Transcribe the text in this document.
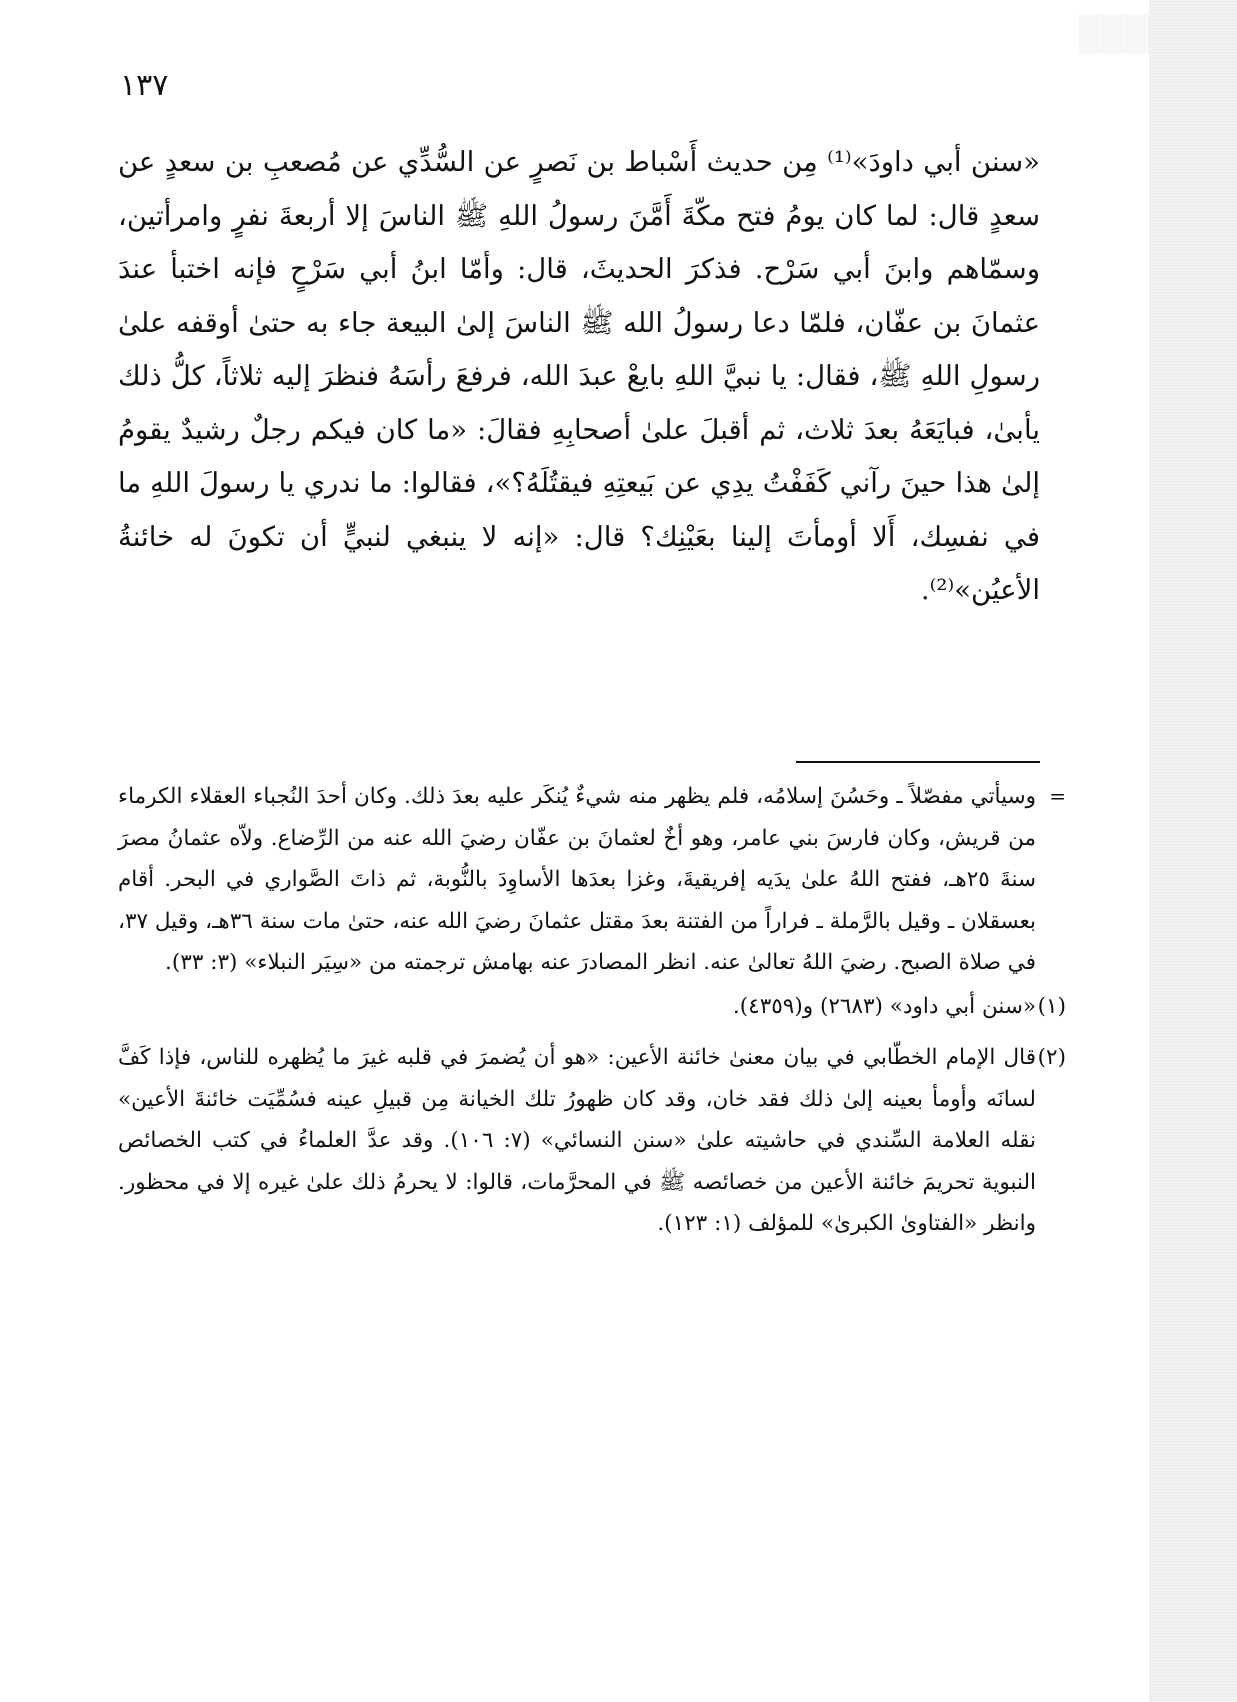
١٣٧

«سنن أبي داودَ»⁽¹⁾ مِن حديث أَسْباط بن نَصرٍ عن السُّدِّي عن مُصعبِ بن سعدٍ عن سعدٍ قال: لما كان يومُ فتح مكّةَ أَمَّنَ رسولُ اللهِ ﷺ الناسَ إلا أربعةَ نفرٍ وامرأتين، وسمّاهم وابنَ أبي سَرْح. فذكرَ الحديثَ، قال: وأمّا ابنُ أبي سَرْحٍ فإنه اختبأ عندَ عثمانَ بن عفّان، فلمّا دعا رسولُ الله ﷺ الناسَ إلىٰ البيعة جاء به حتىٰ أوقفه علىٰ رسولِ اللهِ ﷺ، فقال: يا نبيَّ اللهِ بايعْ عبدَ الله، فرفعَ رأسَهُ فنظرَ إليه ثلاثاً، كلُّ ذلك يأبىٰ، فبايَعَهُ بعدَ ثلاث، ثم أقبلَ علىٰ أصحابِهِ فقالَ: «ما كان فيكم رجلٌ رشيدٌ يقومُ إلىٰ هذا حينَ رآني كَفَفْتُ يدِي عن بَيعتِهِ فيقتُلَهُ؟»، فقالوا: ما ندري يا رسولَ اللهِ ما في نفسِك، أَلا أومأتَ إلينا بعَيْنِك؟ قال: «إنه لا ينبغي لنبيٍّ أن تكونَ له خائنةُ الأعيُن»⁽²⁾.

=
وسيأتي مفصّلاً ـ وحَسُنَ إسلامُه، فلم يظهر منه شيءٌ يُنكَر عليه بعدَ ذلك. وكان أحدَ النُجباء العقلاء الكرماء من قريش، وكان فارسَ بني عامر، وهو أخٌ لعثمانَ بن عفّان رضيَ الله عنه من الرِّضاع. ولاّه عثمانُ مصرَ سنةَ ٢٥هـ، ففتح اللهُ علىٰ يدَيه إفريقيةَ، وغزا بعدَها الأساوِدَ بالنُّوبة، ثم ذاتَ الصَّواري في البحر. أقام بعسقلان ـ وقيل بالرَّملة ـ فراراً من الفتنة بعدَ مقتل عثمانَ رضيَ الله عنه، حتىٰ مات سنة ٣٦هـ، وقيل ٣٧، في صلاة الصبح. رضيَ اللهُ تعالىٰ عنه. انظر المصادرَ عنه بهامش ترجمته من «سِيَر النبلاء» (٣: ٣٣).
(١)
«سنن أبي داود» (٢٦٨٣) و(٤٣٥٩).
(٢)
قال الإمام الخطّابي في بيان معنىٰ خائنة الأعين: «هو أن يُضمرَ في قلبه غيرَ ما يُظهره للناس، فإذا كَفَّ لسانَه وأومأ بعينه إلىٰ ذلك فقد خان، وقد كان ظهورُ تلك الخيانة مِن قبيلِ عينه فسُمِّيَت خائنةَ الأعين» نقله العلامة السِّندي في حاشيته علىٰ «سنن النسائي» (٧: ١٠٦). وقد عدَّ العلماءُ في كتب الخصائص النبوية تحريمَ خائنة الأعين من خصائصه ﷺ في المحرَّمات، قالوا: لا يحرمُ ذلك علىٰ غيره إلا في محظور. وانظر «الفتاوىٰ الكبرىٰ» للمؤلف (١: ١٢٣).
